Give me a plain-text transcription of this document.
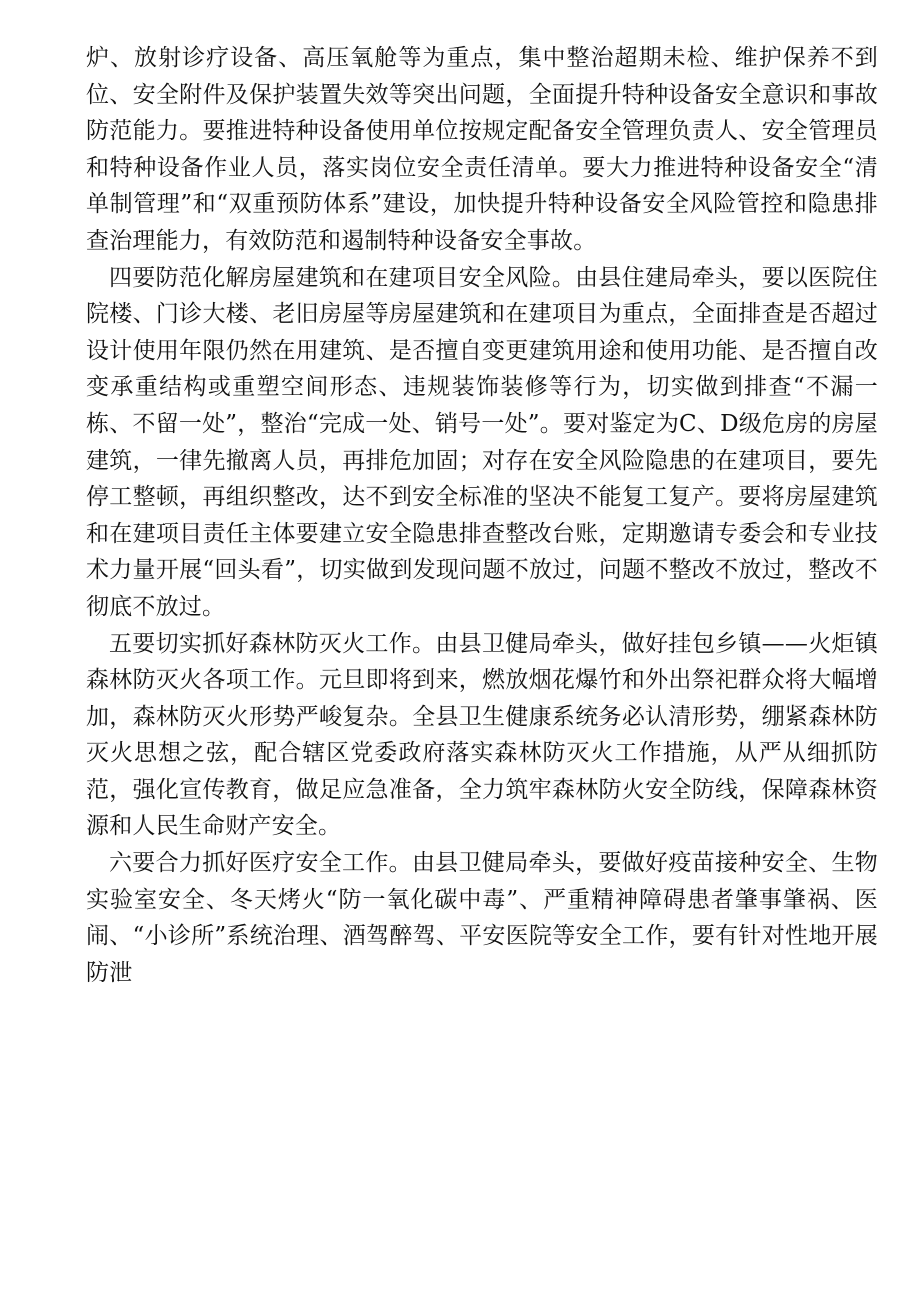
炉、放射诊疗设备、高压氧舱等为重点，集中整治超期未检、维护保养不到位、安全附件及保护装置失效等突出问题，全面提升特种设备安全意识和事故防范能力。要推进特种设备使用单位按规定配备安全管理负责人、安全管理员和特种设备作业人员，落实岗位安全责任清单。要大力推进特种设备安全“清单制管理”和“双重预防体系”建设，加快提升特种设备安全风险管控和隐患排查治理能力，有效防范和遏制特种设备安全事故。

四要防范化解房屋建筑和在建项目安全风险。由县住建局牵头，要以医院住院楼、门诊大楼、老旧房屋等房屋建筑和在建项目为重点，全面排查是否超过设计使用年限仍然在用建筑、是否擅自变更建筑用途和使用功能、是否擅自改变承重结构或重塑空间形态、违规装饰装修等行为，切实做到排查“不漏一栋、不留一处”，整治“完成一处、销号一处”。要对鉴定为C、D级危房的房屋建筑，一律先撤离人员，再排危加固；对存在安全风险隐患的在建项目，要先停工整顿，再组织整改，达不到安全标准的坚决不能复工复产。要将房屋建筑和在建项目责任主体要建立安全隐患排查整改台账，定期邀请专委会和专业技术力量开展“回头看”，切实做到发现问题不放过，问题不整改不放过，整改不彻底不放过。

五要切实抓好森林防灭火工作。由县卫健局牵头，做好挂包乡镇——火炬镇森林防灭火各项工作。元旦即将到来，燃放烟花爆竹和外出祭祀群众将大幅增加，森林防灭火形势严峻复杂。全县卫生健康系统务必认清形势，绷紧森林防灭火思想之弦，配合辖区党委政府落实森林防灭火工作措施，从严从细抓防范，强化宣传教育，做足应急准备，全力筑牢森林防火安全防线，保障森林资源和人民生命财产安全。

六要合力抓好医疗安全工作。由县卫健局牵头，要做好疫苗接种安全、生物实验室安全、冬天烤火“防一氧化碳中毒”、严重精神障碍患者肇事肇祸、医闹、“小诊所”系统治理、酒驾醉驾、平安医院等安全工作，要有针对性地开展防泄
